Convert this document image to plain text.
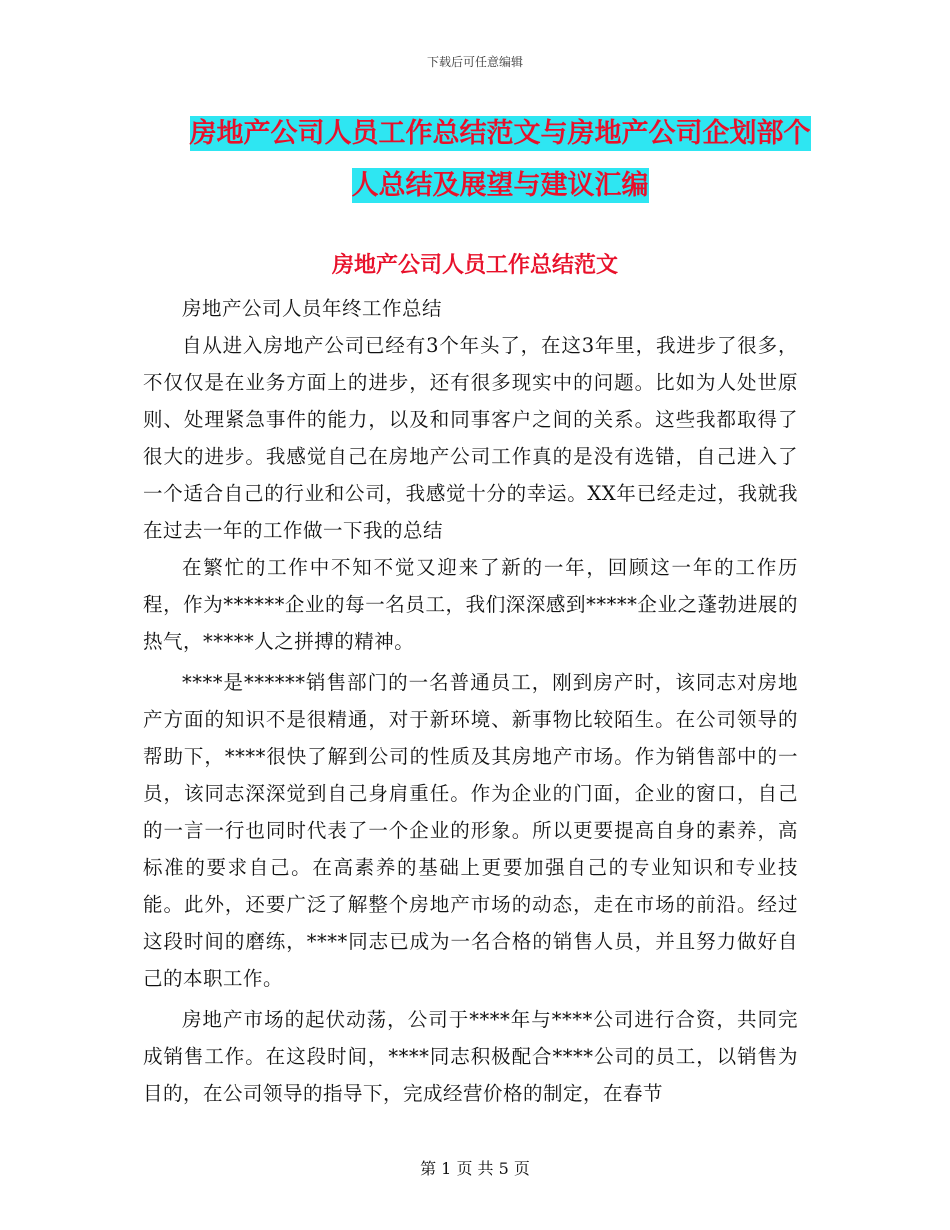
下载后可任意编辑
房地产公司人员工作总结范文与房地产公司企划部个
人总结及展望与建议汇编
房地产公司人员工作总结范文

房地产公司人员年终工作总结

自从进入房地产公司已经有3个年头了，在这3年里，我进步了很多，不仅仅是在业务方面上的进步，还有很多现实中的问题。比如为人处世原则、处理紧急事件的能力，以及和同事客户之间的关系。这些我都取得了很大的进步。我感觉自己在房地产公司工作真的是没有选错，自己进入了一个适合自己的行业和公司，我感觉十分的幸运。XX年已经走过，我就我在过去一年的工作做一下我的总结

在繁忙的工作中不知不觉又迎来了新的一年，回顾这一年的工作历程，作为******企业的每一名员工，我们深深感到*****企业之蓬勃进展的热气，*****人之拼搏的精神。

****是******销售部门的一名普通员工，刚到房产时，该同志对房地产方面的知识不是很精通，对于新环境、新事物比较陌生。在公司领导的帮助下，****很快了解到公司的性质及其房地产市场。作为销售部中的一员，该同志深深觉到自己身肩重任。作为企业的门面，企业的窗口，自己的一言一行也同时代表了一个企业的形象。所以更要提高自身的素养，高标准的要求自己。在高素养的基础上更要加强自己的专业知识和专业技能。此外，还要广泛了解整个房地产市场的动态，走在市场的前沿。经过这段时间的磨练，****同志已成为一名合格的销售人员，并且努力做好自己的本职工作。

房地产市场的起伏动荡，公司于****年与****公司进行合资，共同完成销售工作。在这段时间，****同志积极配合****公司的员工，以销售为目的，在公司领导的指导下，完成经营价格的制定，在春节

第 1 页 共 5 页
